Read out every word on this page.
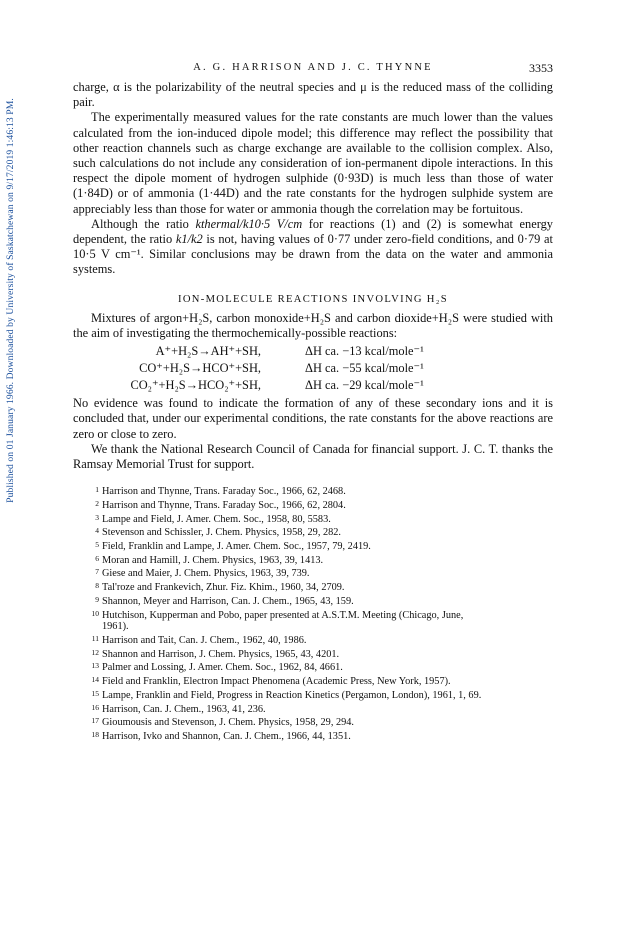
Published on 01 January 1966. Downloaded by University of Saskatchewan on 9/17/2019 1:46:13 PM.
A. G. HARRISON AND J. C. THYNNE	3353

charge, α is the polarizability of the neutral species and μ is the reduced mass of the colliding pair.

The experimentally measured values for the rate constants are much lower than the values calculated from the ion-induced dipole model; this difference may reflect the possibility that other reaction channels such as charge exchange are available to the collision complex. Also, such calculations do not include any consideration of ion-permanent dipole interactions. In this respect the dipole moment of hydrogen sulphide (0·93D) is much less than those of water (1·84D) or of ammonia (1·44D) and the rate constants for the hydrogen sulphide system are appreciably less than those for water or ammonia though the correlation may be fortuitous.

Although the ratio kthermal/k10·5 V/cm for reactions (1) and (2) is somewhat energy dependent, the ratio k1/k2 is not, having values of 0·77 under zero-field conditions, and 0·79 at 10·5 V cm⁻¹. Similar conclusions may be drawn from the data on the water and ammonia systems.

ION-MOLECULE REACTIONS INVOLVING H₂S

Mixtures of argon+H₂S, carbon monoxide+H₂S and carbon dioxide+H₂S were studied with the aim of investigating the thermochemically-possible reactions:

A⁺+H₂S→AH⁺+SH,	ΔH ca. −13 kcal/mole⁻¹
CO⁺+H₂S→HCO⁺+SH,	ΔH ca. −55 kcal/mole⁻¹
CO₂⁺+H₂S→HCO₂⁺+SH,	ΔH ca. −29 kcal/mole⁻¹

No evidence was found to indicate the formation of any of these secondary ions and it is concluded that, under our experimental conditions, the rate constants for the above reactions are zero or close to zero.

We thank the National Research Council of Canada for financial support. J. C. T. thanks the Ramsay Memorial Trust for support.

1 Harrison and Thynne, Trans. Faraday Soc., 1966, 62, 2468.
2 Harrison and Thynne, Trans. Faraday Soc., 1966, 62, 2804.
3 Lampe and Field, J. Amer. Chem. Soc., 1958, 80, 5583.
4 Stevenson and Schissler, J. Chem. Physics, 1958, 29, 282.
5 Field, Franklin and Lampe, J. Amer. Chem. Soc., 1957, 79, 2419.
6 Moran and Hamill, J. Chem. Physics, 1963, 39, 1413.
7 Giese and Maier, J. Chem. Physics, 1963, 39, 739.
8 Tal'roze and Frankevich, Zhur. Fiz. Khim., 1960, 34, 2709.
9 Shannon, Meyer and Harrison, Can. J. Chem., 1965, 43, 159.
10 Hutchison, Kupperman and Pobo, paper presented at A.S.T.M. Meeting (Chicago, June,
1961).
11 Harrison and Tait, Can. J. Chem., 1962, 40, 1986.
12 Shannon and Harrison, J. Chem. Physics, 1965, 43, 4201.
13 Palmer and Lossing, J. Amer. Chem. Soc., 1962, 84, 4661.
14 Field and Franklin, Electron Impact Phenomena (Academic Press, New York, 1957).
15 Lampe, Franklin and Field, Progress in Reaction Kinetics (Pergamon, London), 1961, 1, 69.
16 Harrison, Can. J. Chem., 1963, 41, 236.
17 Gioumousis and Stevenson, J. Chem. Physics, 1958, 29, 294.
18 Harrison, Ivko and Shannon, Can. J. Chem., 1966, 44, 1351.
